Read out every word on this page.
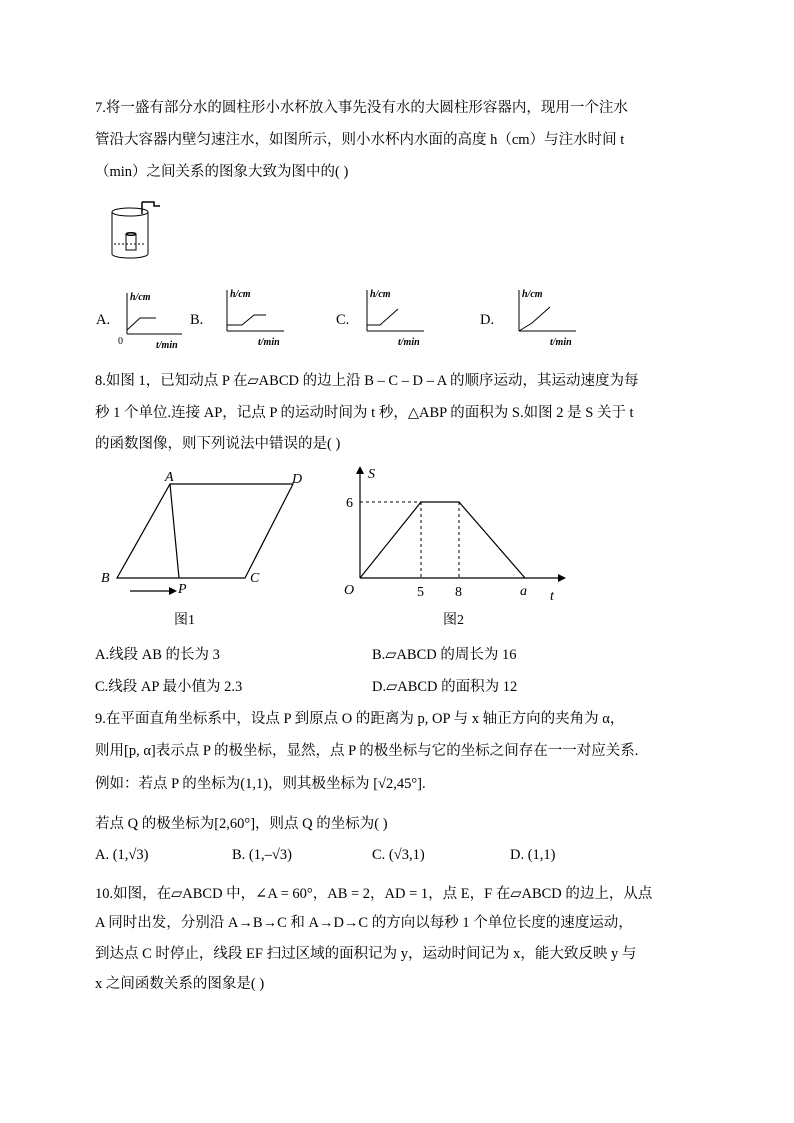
7.将一盛有部分水的圆柱形小水杯放入事先没有水的大圆柱形容器内，现用一个注水
管沿大容器内壁匀速注水，如图所示，则小水杯内水面的高度 h（cm）与注水时间 t
（min）之间关系的图象大致为图中的( )
A.
h/cm
t/min
0
B.
h/cm
t/min
C.
h/cm
t/min
D.
h/cm
t/min
8.如图 1，已知动点 P 在▱ABCD 的边上沿 B – C – D – A 的顺序运动，其运动速度为每
秒 1 个单位.连接 AP，记点 P 的运动时间为 t 秒，△ABP 的面积为 S.如图 2 是 S 关于 t
的函数图像，则下列说法中错误的是( )
A	D
B	C
P
图1
S
6
O	5 8	a t
图2
A.线段 AB 的长为 3	B.▱ABCD 的周长为 16
C.线段 AP 最小值为 2.3	D.▱ABCD 的面积为 12
9.在平面直角坐标系中，设点 P 到原点 O 的距离为 p, OP 与 x 轴正方向的夹角为 α，
则用[p, α]表示点 P 的极坐标，显然，点 P 的极坐标与它的坐标之间存在一一对应关系.
例如：若点 P 的坐标为(1,1)，则其极坐标为 [√2,45°].
若点 Q 的极坐标为[2,60°]，则点 Q 的坐标为( )
A. (1,√3)	B. (1,–√3)	C. (√3,1)	D. (1,1)
10.如图，在▱ABCD 中，∠A = 60°，AB = 2，AD = 1，点 E，F 在▱ABCD 的边上，从点
A 同时出发，分别沿 A→B→C 和 A→D→C 的方向以每秒 1 个单位长度的速度运动，
到达点 C 时停止，线段 EF 扫过区域的面积记为 y，运动时间记为 x，能大致反映 y 与
x 之间函数关系的图象是( )
